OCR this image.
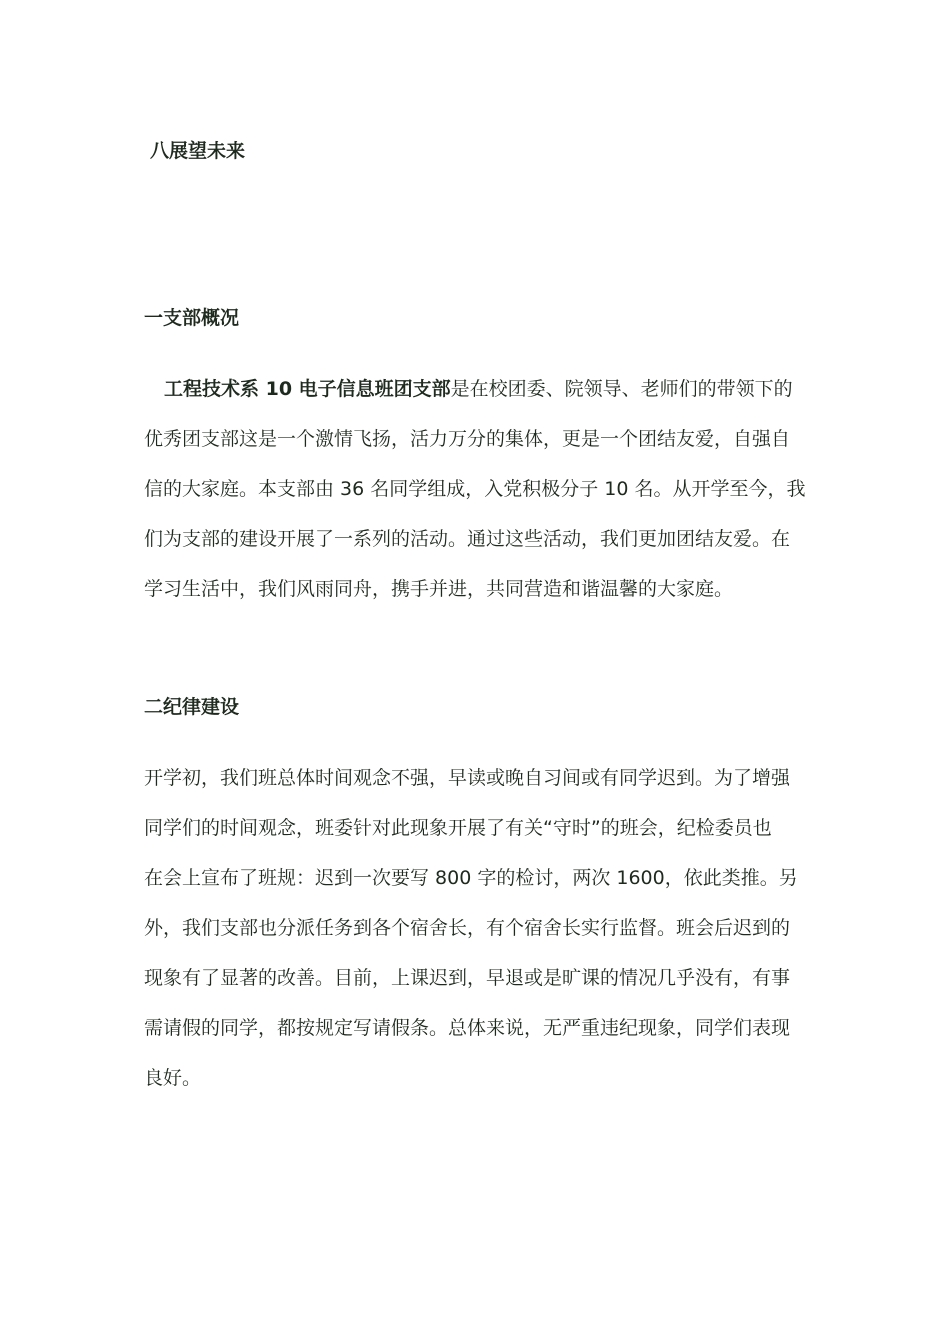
八展望未来
一支部概况
工程技术系 10 电子信息班团支部是在校团委、院领导、老师们的带领下的
优秀团支部这是一个激情飞扬，活力万分的集体，更是一个团结友爱，自强自
信的大家庭。本支部由 36 名同学组成，入党积极分子 10 名。从开学至今，我
们为支部的建设开展了一系列的活动。通过这些活动，我们更加团结友爱。在
学习生活中，我们风雨同舟，携手并进，共同营造和谐温馨的大家庭。
二纪律建设
开学初，我们班总体时间观念不强，早读或晚自习间或有同学迟到。为了增强
同学们的时间观念，班委针对此现象开展了有关“守时”的班会，纪检委员也
在会上宣布了班规：迟到一次要写 800 字的检讨，两次 1600，依此类推。另
外，我们支部也分派任务到各个宿舍长，有个宿舍长实行监督。班会后迟到的
现象有了显著的改善。目前，上课迟到，早退或是旷课的情况几乎没有，有事
需请假的同学，都按规定写请假条。总体来说，无严重违纪现象，同学们表现
良好。
